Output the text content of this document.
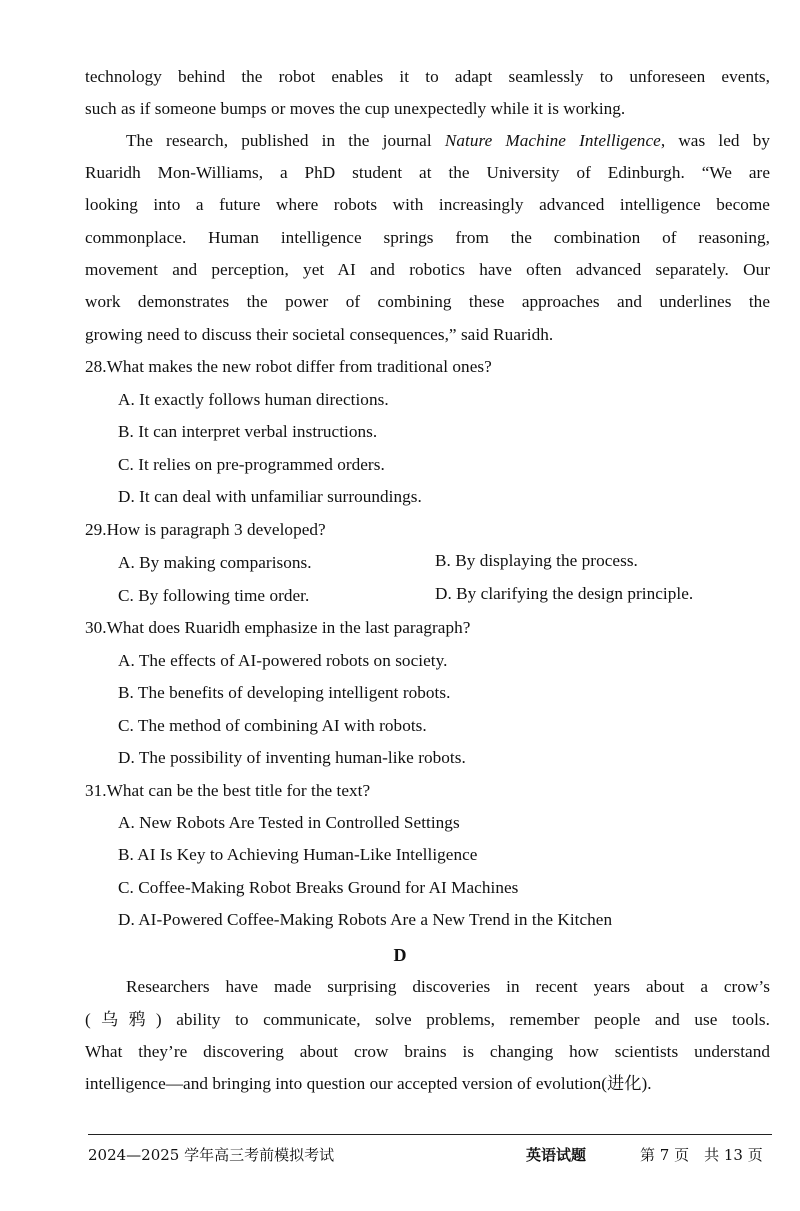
technology behind the robot enables it to adapt seamlessly to unforeseen events,
such as if someone bumps or moves the cup unexpectedly while it is working.
The research, published in the journal Nature Machine Intelligence, was led by
Ruaridh Mon-Williams, a PhD student at the University of Edinburgh. “We are
looking into a future where robots with increasingly advanced intelligence become
commonplace. Human intelligence springs from the combination of reasoning,
movement and perception, yet AI and robotics have often advanced separately. Our
work demonstrates the power of combining these approaches and underlines the
growing need to discuss their societal consequences,” said Ruaridh.
28.What makes the new robot differ from traditional ones?
A. It exactly follows human directions.
B. It can interpret verbal instructions.
C. It relies on pre-programmed orders.
D. It can deal with unfamiliar surroundings.
29.How is paragraph 3 developed?
A. By making comparisons.	B. By displaying the process.
C. By following time order.	D. By clarifying the design principle.
30.What does Ruaridh emphasize in the last paragraph?
A. The effects of AI-powered robots on society.
B. The benefits of developing intelligent robots.
C. The method of combining AI with robots.
D. The possibility of inventing human-like robots.
31.What can be the best title for the text?
A. New Robots Are Tested in Controlled Settings
B. AI Is Key to Achieving Human-Like Intelligence
C. Coffee-Making Robot Breaks Ground for AI Machines
D. AI-Powered Coffee-Making Robots Are a New Trend in the Kitchen
D
Researchers have made surprising discoveries in recent years about a crow’s
(乌鸦) ability to communicate, solve problems, remember people and use tools.
What they’re discovering about crow brains is changing how scientists understand
intelligence—and bringing into question our accepted version of evolution(进化).
2024—2025 学年高三考前模拟考试	英语试题	第 7 页　共 13 页
